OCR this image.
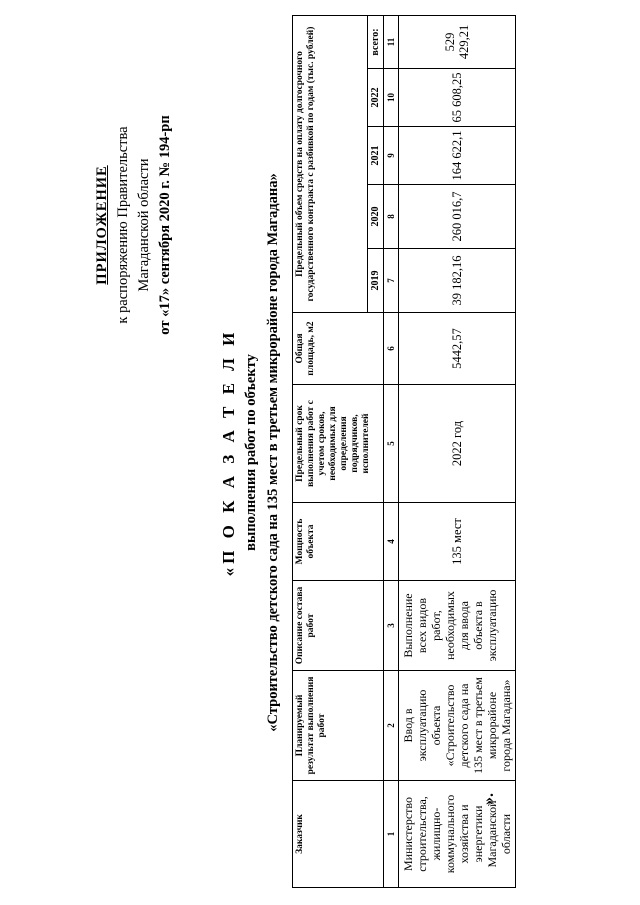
ПРИЛОЖЕНИЕ к распоряжению Правительства Магаданской области от «17» сентября 2020 г. № 194-рп
«П О К А З А Т Е Л И выполнения работ по объекту «Строительство детского сада на 135 мест в третьем микрорайоне города Магадана»
Заказчик	Планируемый результат выполнения работ	Описание состава работ	Мощность объекта	Предельный срок выполнения работ с учетом сроков, необходимых для определения подрядчиков, исполнителей	Общая площадь, м2	Предельный объем средств на оплату долгосрочного государственного контракта с разбивкой по годам (тыс. рублей)				
						2019	2020	2021	2022	всего:
1	2	3	4	5	6	7	8	9	10	11
Министерство строительства, жилищно-коммунального хозяйства и энергетики Магаданской области	Ввод в эксплуатацию объекта «Строительство детского сада на 135 мест в третьем микрорайоне города Магадана»	Выполнение всех видов работ, необходимых для ввода объекта в эксплуатацию	135 мест	2022 год	5442,57	39 182,16	260 016,7	164 622,1	65 608,25	529 429,21
».
